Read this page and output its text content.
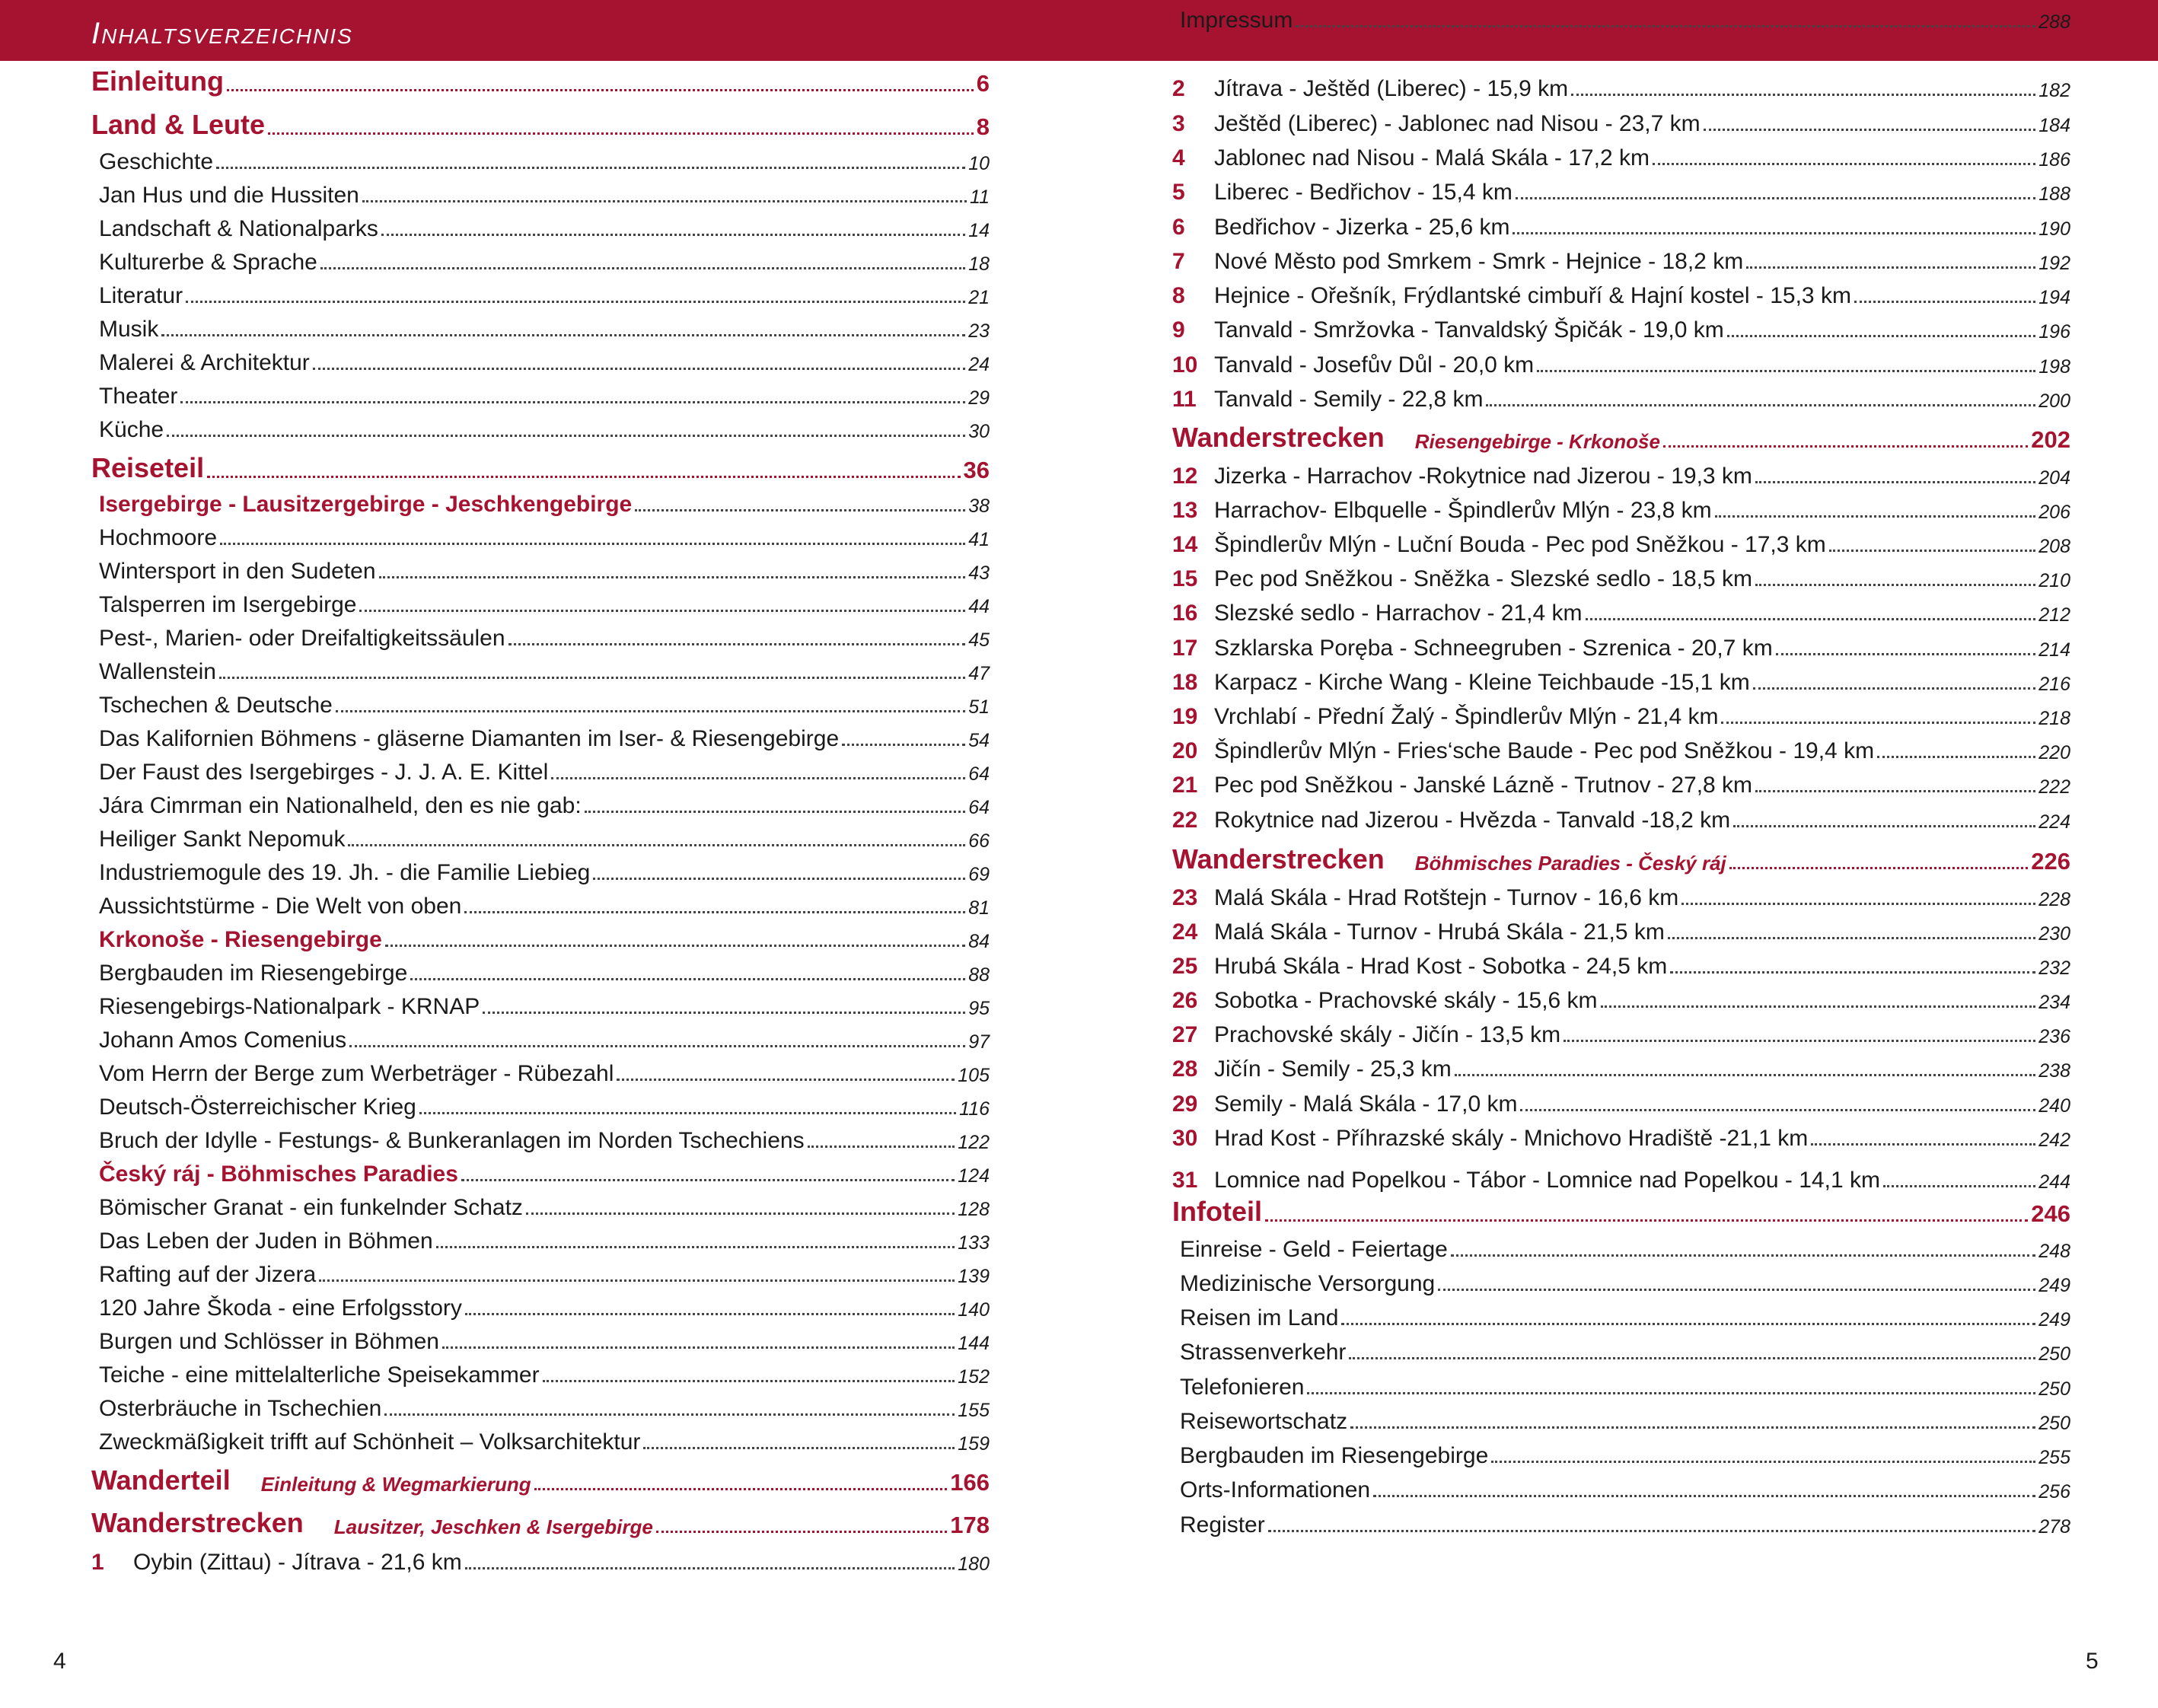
Inhaltsverzeichnis
Einleitung	6
Land & Leute	8
Geschichte	10
Jan Hus und die Hussiten	11
Landschaft & Nationalparks	14
Kulturerbe & Sprache	18
Literatur	21
Musik	23
Malerei & Architektur	24
Theater	29
Küche	30
Reiseteil	36
Isergebirge - Lausitzergebirge - Jeschkengebirge	38
Hochmoore	41
Wintersport in den Sudeten	43
Talsperren im Isergebirge	44
Pest-, Marien- oder Dreifaltigkeitssäulen	45
Wallenstein	47
Tschechen & Deutsche	51
Das Kalifornien Böhmens - gläserne Diamanten im Iser- & Riesengebirge	54
Der Faust des Isergebirges - J. J. A. E. Kittel	64
Jára Cimrman ein Nationalheld, den es nie gab:	64
Heiliger Sankt Nepomuk	66
Industriemogule des 19. Jh. - die Familie Liebieg	69
Aussichtstürme - Die Welt von oben	81
Krkonoše - Riesengebirge	84
Bergbauden im Riesengebirge	88
Riesengebirgs-Nationalpark - KRNAP	95
Johann Amos Comenius	97
Vom Herrn der Berge zum Werbeträger - Rübezahl	105
Deutsch-Österreichischer Krieg	116
Bruch der Idylle - Festungs- & Bunkeranlagen im Norden Tschechiens	122
Český ráj - Böhmisches Paradies	124
Bömischer Granat - ein funkelnder Schatz	128
Das Leben der Juden in Böhmen	133
Rafting auf der Jizera	139
120 Jahre Škoda - eine Erfolgsstory	140
Burgen und Schlösser in Böhmen	144
Teiche - eine mittelalterliche Speisekammer	152
Osterbräuche in Tschechien	155
Zweckmäßigkeit trifft auf Schönheit – Volksarchitektur	159
Wanderteil Einleitung & Wegmarkierung	166
Wanderstrecken Lausitzer, Jeschken & Isergebirge	178
1	Oybin (Zittau) - Jítrava - 21,6 km	180
2	Jítrava - Ještěd (Liberec) - 15,9 km	182
3	Ještěd (Liberec) - Jablonec nad Nisou - 23,7 km	184
4	Jablonec nad Nisou - Malá Skála - 17,2 km	186
5	Liberec - Bedřichov - 15,4 km	188
6	Bedřichov - Jizerka - 25,6 km	190
7	Nové Město pod Smrkem - Smrk - Hejnice - 18,2 km	192
8	Hejnice - Ořešník, Frýdlantské cimbuří & Hajní kostel - 15,3 km	194
9	Tanvald - Smržovka - Tanvaldský Špičák - 19,0 km	196
10 Tanvald - Josefův Důl - 20,0 km	198
11 Tanvald - Semily - 22,8 km	200
Wanderstrecken Riesengebirge - Krkonoše	202
12 Jizerka - Harrachov -Rokytnice nad Jizerou - 19,3 km	204
13 Harrachov- Elbquelle - Špindlerův Mlýn - 23,8 km	206
14 Špindlerův Mlýn - Luční Bouda - Pec pod Sněžkou - 17,3 km	208
15 Pec pod Sněžkou - Sněžka - Slezské sedlo - 18,5 km	210
16 Slezské sedlo - Harrachov - 21,4 km	212
17 Szklarska Poręba - Schneegruben - Szrenica - 20,7 km	214
18 Karpacz - Kirche Wang - Kleine Teichbaude - 15,1 km	216
19 Vrchlabí - Přední Žalý - Špindlerův Mlýn - 21,4 km	218
20 Špindlerův Mlýn - Fries‘sche Baude - Pec pod Sněžkou - 19,4 km	220
21 Pec pod Sněžkou - Janské Lázně - Trutnov - 27,8 km	222
22 Rokytnice nad Jizerou - Hvězda - Tanvald - 18,2 km	224
Wanderstrecken Böhmisches Paradies - Český ráj	226
23 Malá Skála - Hrad Rotštejn - Turnov - 16,6 km	228
24 Malá Skála - Turnov - Hrubá Skála - 21,5 km	230
25 Hrubá Skála - Hrad Kost - Sobotka - 24,5 km	232
26 Sobotka - Prachovské skály - 15,6 km	234
27 Prachovské skály - Jičín - 13,5 km	236
28 Jičín - Semily - 25,3 km	238
29 Semily - Malá Skála - 17,0 km	240
30 Hrad Kost - Příhrazské skály - Mnichovo Hradiště - 21,1 km	242
31 Lomnice nad Popelkou - Tábor - Lomnice nad Popelkou - 14,1 km	244
Infoteil	246
Einreise - Geld - Feiertage	248
Medizinische Versorgung	249
Reisen im Land	249
Strassenverkehr	250
Telefonieren	250
Reisewortschatz	250
Bergbauden im Riesengebirge	255
Orts-Informationen	256
Register	278
Impressum	288
4	5
